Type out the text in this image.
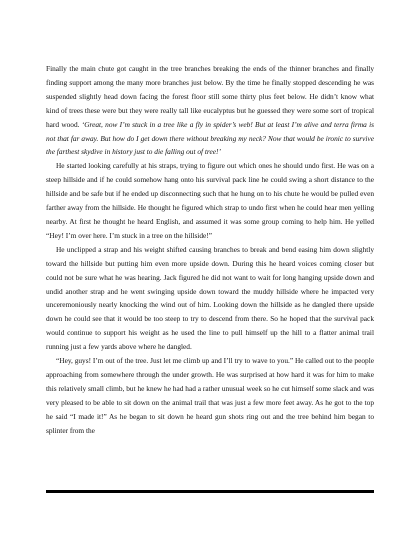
Finally the main chute got caught in the tree branches breaking the ends of the thinner branches and finally finding support among the many more branches just below. By the time he finally stopped descending he was suspended slightly head down facing the forest floor still some thirty plus feet below. He didn’t know what kind of trees these were but they were really tall like eucalyptus but he guessed they were some sort of tropical hard wood. ‘Great, now I’m stuck in a tree like a fly in spider’s web! But at least I’m alive and terra firma is not that far away. But how do I get down there without breaking my neck? Now that would be ironic to survive the farthest skydive in history just to die falling out of tree!’

He started looking carefully at his straps, trying to figure out which ones he should undo first. He was on a steep hillside and if he could somehow hang onto his survival pack line he could swing a short distance to the hillside and be safe but if he ended up disconnecting such that he hung on to his chute he would be pulled even farther away from the hillside. He thought he figured which strap to undo first when he could hear men yelling nearby. At first he thought he heard English, and assumed it was some group coming to help him. He yelled “Hey! I’m over here. I’m stuck in a tree on the hillside!”

He unclipped a strap and his weight shifted causing branches to break and bend easing him down slightly toward the hillside but putting him even more upside down. During this he heard voices coming closer but could not be sure what he was hearing. Jack figured he did not want to wait for long hanging upside down and undid another strap and he went swinging upside down toward the muddy hillside where he impacted very unceremoniously nearly knocking the wind out of him. Looking down the hillside as he dangled there upside down he could see that it would be too steep to try to descend from there. So he hoped that the survival pack would continue to support his weight as he used the line to pull himself up the hill to a flatter animal trail running just a few yards above where he dangled.

“Hey, guys! I’m out of the tree. Just let me climb up and I’ll try to wave to you.” He called out to the people approaching from somewhere through the under growth. He was surprised at how hard it was for him to make this relatively small climb, but he knew he had had a rather unusual week so he cut himself some slack and was very pleased to be able to sit down on the animal trail that was just a few more feet away. As he got to the top he said “I made it!” As he began to sit down he heard gun shots ring out and the tree behind him began to splinter from the
